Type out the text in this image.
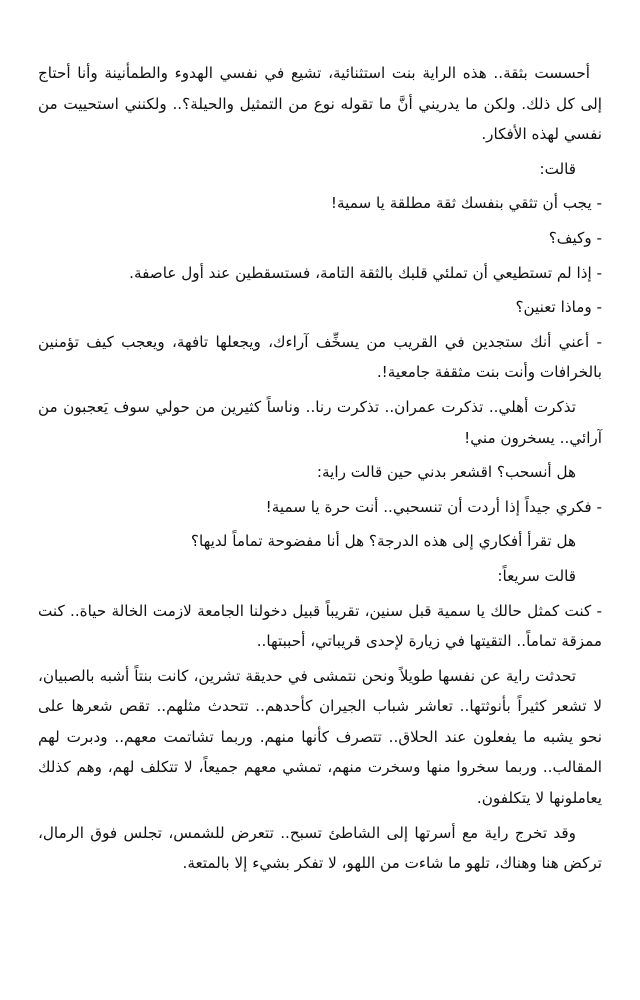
أحسست بثقة.. هذه الراية بنت استثنائية، تشيع في نفسي الهدوء والطمأنينة وأنا أحتاج إلى كل ذلك. ولكن ما يدريني أنَّ ما تقوله نوع من التمثيل والحيلة؟.. ولكنني استحييت من نفسي لهذه الأفكار.

قالت:

- يجب أن تثقي بنفسك ثقة مطلقة يا سمية!

- وكيف؟

- إذا لم تستطيعي أن تملئي قلبك بالثقة التامة، فستسقطين عند أول عاصفة.

- وماذا تعنين؟

- أعني أنك ستجدين في القريب من يسخِّف آراءك، ويجعلها تافهة، ويعجب كيف تؤمنين بالخرافات وأنت بنت مثقفة جامعية!.

تذكرت أهلي.. تذكرت عمران.. تذكرت رنا.. وناساً كثيرين من حولي سوف يَعجبون من آرائي.. يسخرون مني!

هل أنسحب؟ اقشعر بدني حين قالت راية:

- فكري جيداً إذا أردت أن تنسحبي.. أنت حرة يا سمية!

هل تقرأ أفكاري إلى هذه الدرجة؟ هل أنا مفضوحة تماماً لديها؟

قالت سريعاً:

- كنت كمثل حالك يا سمية قبل سنين، تقريباً قبيل دخولنا الجامعة لازمت الخالة حياة.. كنت ممزقة تماماً.. التقيتها في زيارة لإحدى قريباتي، أحببتها..

تحدثت راية عن نفسها طويلاً ونحن نتمشى في حديقة تشرين، كانت بنتاً أشبه بالصبيان، لا تشعر كثيراً بأنوثتها.. تعاشر شباب الجيران كأحدهم.. تتحدث مثلهم.. تقص شعرها على نحو يشبه ما يفعلون عند الحلاق.. تتصرف كأنها منهم. وربما تشاتمت معهم.. ودبرت لهم المقالب.. وربما سخروا منها وسخرت منهم، تمشي معهم جميعاً، لا تتكلف لهم، وهم كذلك يعاملونها لا يتكلفون.

وقد تخرج راية مع أسرتها إلى الشاطئ تسبح.. تتعرض للشمس، تجلس فوق الرمال، تركض هنا وهناك، تلهو ما شاءت من اللهو، لا تفكر بشيء إلا بالمتعة.
